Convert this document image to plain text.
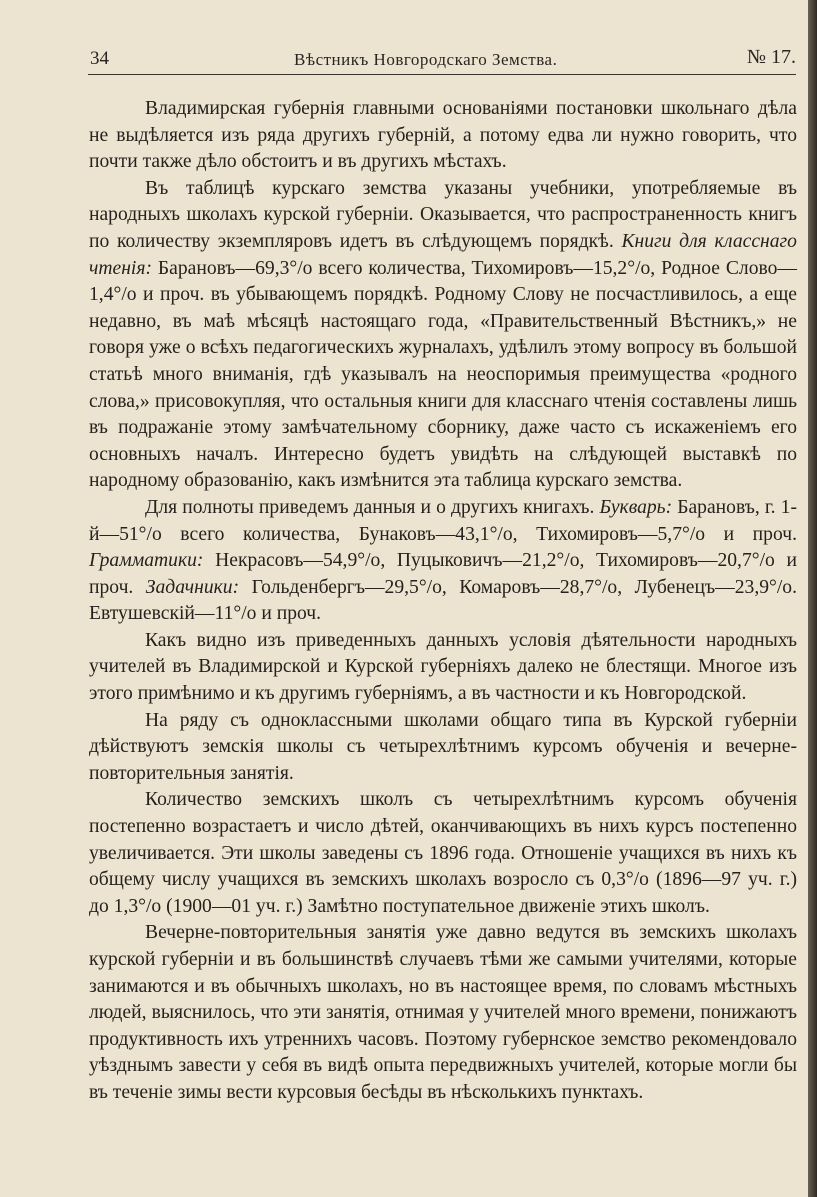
34	Вѣстникъ Новгородскаго Земства.	№ 17.

Владимирская губернія главными основаніями постановки школьнаго дѣла не выдѣляется изъ ряда другихъ губерній, а потому едва ли нужно говорить, что почти также дѣло обстоитъ и въ другихъ мѣстахъ.

Въ таблицѣ курскаго земства указаны учебники, употребляемые въ народныхъ школахъ курской губерніи. Оказывается, что распространенность книгъ по количеству экземпляровъ идетъ въ слѣдующемъ порядкѣ. Книги для класснаго чтенія: Барановъ—69,3°/о всего количества, Тихомировъ—15,2°/о, Родное Слово—1,4°/о и проч. въ убывающемъ порядкѣ. Родному Слову не посчастливилось, а еще недавно, въ маѣ мѣсяцѣ настоящаго года, «Правительственный Вѣстникъ,» не говоря уже о всѣхъ педагогическихъ журналахъ, удѣлилъ этому вопросу въ большой статьѣ много вниманія, гдѣ указывалъ на неоспоримыя преимущества «родного слова,» присовокупляя, что остальныя книги для класснаго чтенія составлены лишь въ подражаніе этому замѣчательному сборнику, даже часто съ искаженіемъ его основныхъ началъ. Интересно будетъ увидѣть на слѣдующей выставкѣ по народному образованію, какъ измѣнится эта таблица курскаго земства.

Для полноты приведемъ данныя и о другихъ книгахъ. Букварь: Барановъ, г. 1-й—51°/о всего количества, Бунаковъ—43,1°/о, Тихомировъ—5,7°/о и проч. Грамматики: Некрасовъ—54,9°/о, Пуцыковичъ—21,2°/о, Тихомировъ—20,7°/о и проч. Задачники: Гольденбергъ—29,5°/о, Комаровъ—28,7°/о, Лубенецъ—23,9°/о. Евтушевскій—11°/о и проч.

Какъ видно изъ приведенныхъ данныхъ условія дѣятельности народныхъ учителей въ Владимирской и Курской губерніяхъ далеко не блестящи. Многое изъ этого примѣнимо и къ другимъ губерніямъ, а въ частности и къ Новгородской.

На ряду съ одноклассными школами общаго типа въ Курской губерніи дѣйствуютъ земскія школы съ четырехлѣтнимъ курсомъ обученія и вечерне-повторительныя занятія.

Количество земскихъ школъ съ четырехлѣтнимъ курсомъ обученія постепенно возрастаетъ и число дѣтей, оканчивающихъ въ нихъ курсъ постепенно увеличивается. Эти школы заведены съ 1896 года. Отношеніе учащихся въ нихъ къ общему числу учащихся въ земскихъ школахъ возросло съ 0,3°/о (1896—97 уч. г.) до 1,3°/о (1900—01 уч. г.) Замѣтно поступательное движеніе этихъ школъ.

Вечерне-повторительныя занятія уже давно ведутся въ земскихъ школахъ курской губерніи и въ большинствѣ случаевъ тѣми же самыми учителями, которые занимаются и въ обычныхъ школахъ, но въ настоящее время, по словамъ мѣстныхъ людей, выяснилось, что эти занятія, отнимая у учителей много времени, понижаютъ продуктивность ихъ утреннихъ часовъ. Поэтому губернское земство рекомендовало уѣзднымъ завести у себя въ видѣ опыта передвижныхъ учителей, которые могли бы въ теченіе зимы вести курсовыя бесѣды въ нѣсколькихъ пунктахъ.
